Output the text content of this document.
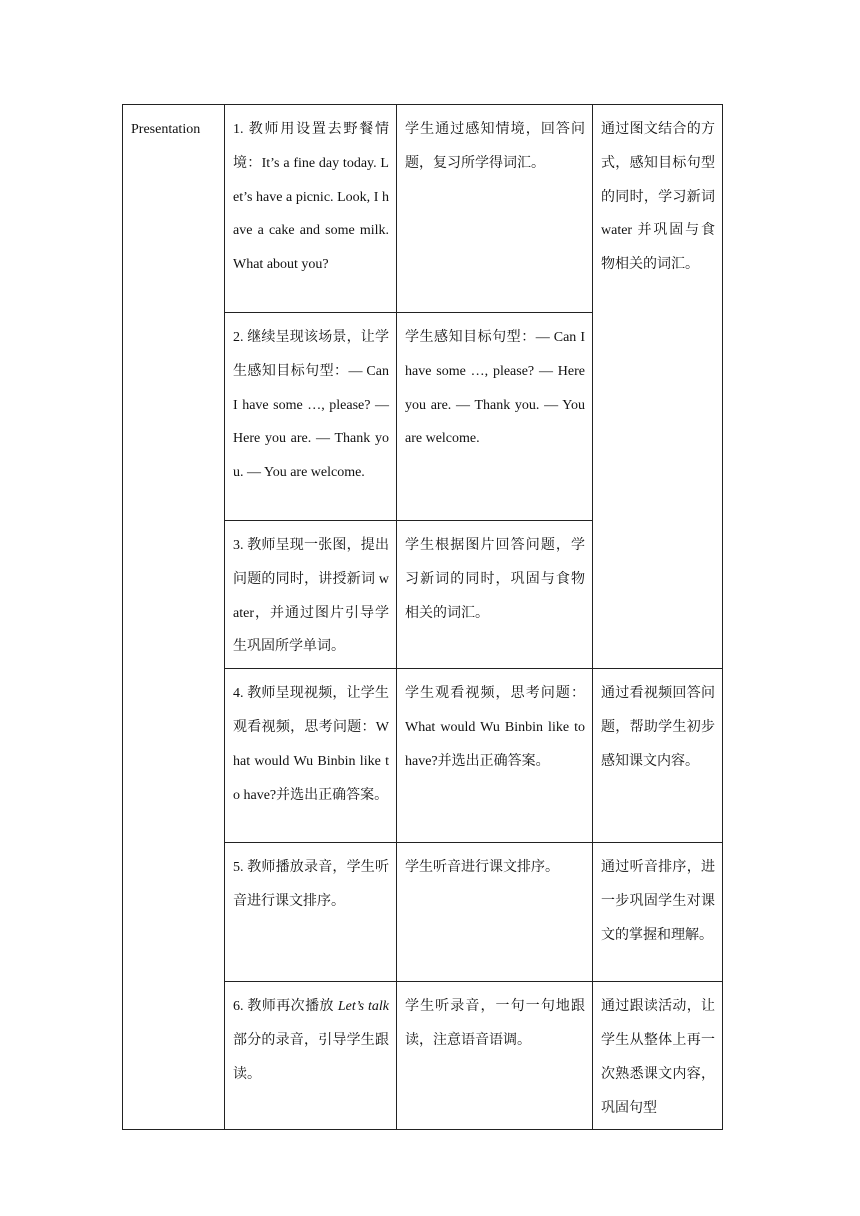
Presentation	1. 教师用设置去野餐情境：It’s a fine day today. Let’s have a picnic. Look, I have a cake and some milk. What about you?	学生通过感知情境，回答问题，复习所学得词汇。	通过图文结合的方式，感知目标句型的同时，学习新词 water 并巩固与食物相关的词汇。
	2. 继续呈现该场景，让学生感知目标句型：— Can I have some …, please? — Here you are. — Thank you. — You are welcome.	学生感知目标句型：— Can I have some …, please? — Here you are. — Thank you. — You are welcome.	
	3. 教师呈现一张图，提出问题的同时，讲授新词 water，并通过图片引导学生巩固所学单词。	学生根据图片回答问题，学习新词的同时，巩固与食物相关的词汇。	
	4. 教师呈现视频，让学生观看视频，思考问题：What would Wu Binbin like to have?并选出正确答案。	学生观看视频，思考问题：What would Wu Binbin like to have?并选出正确答案。	通过看视频回答问题，帮助学生初步感知课文内容。
	5. 教师播放录音，学生听音进行课文排序。	学生听音进行课文排序。	通过听音排序，进一步巩固学生对课文的掌握和理解。
	6. 教师再次播放 Let’s talk 部分的录音，引导学生跟读。	学生听录音，一句一句地跟读，注意语音语调。	通过跟读活动，让学生从整体上再一次熟悉课文内容，巩固句型
